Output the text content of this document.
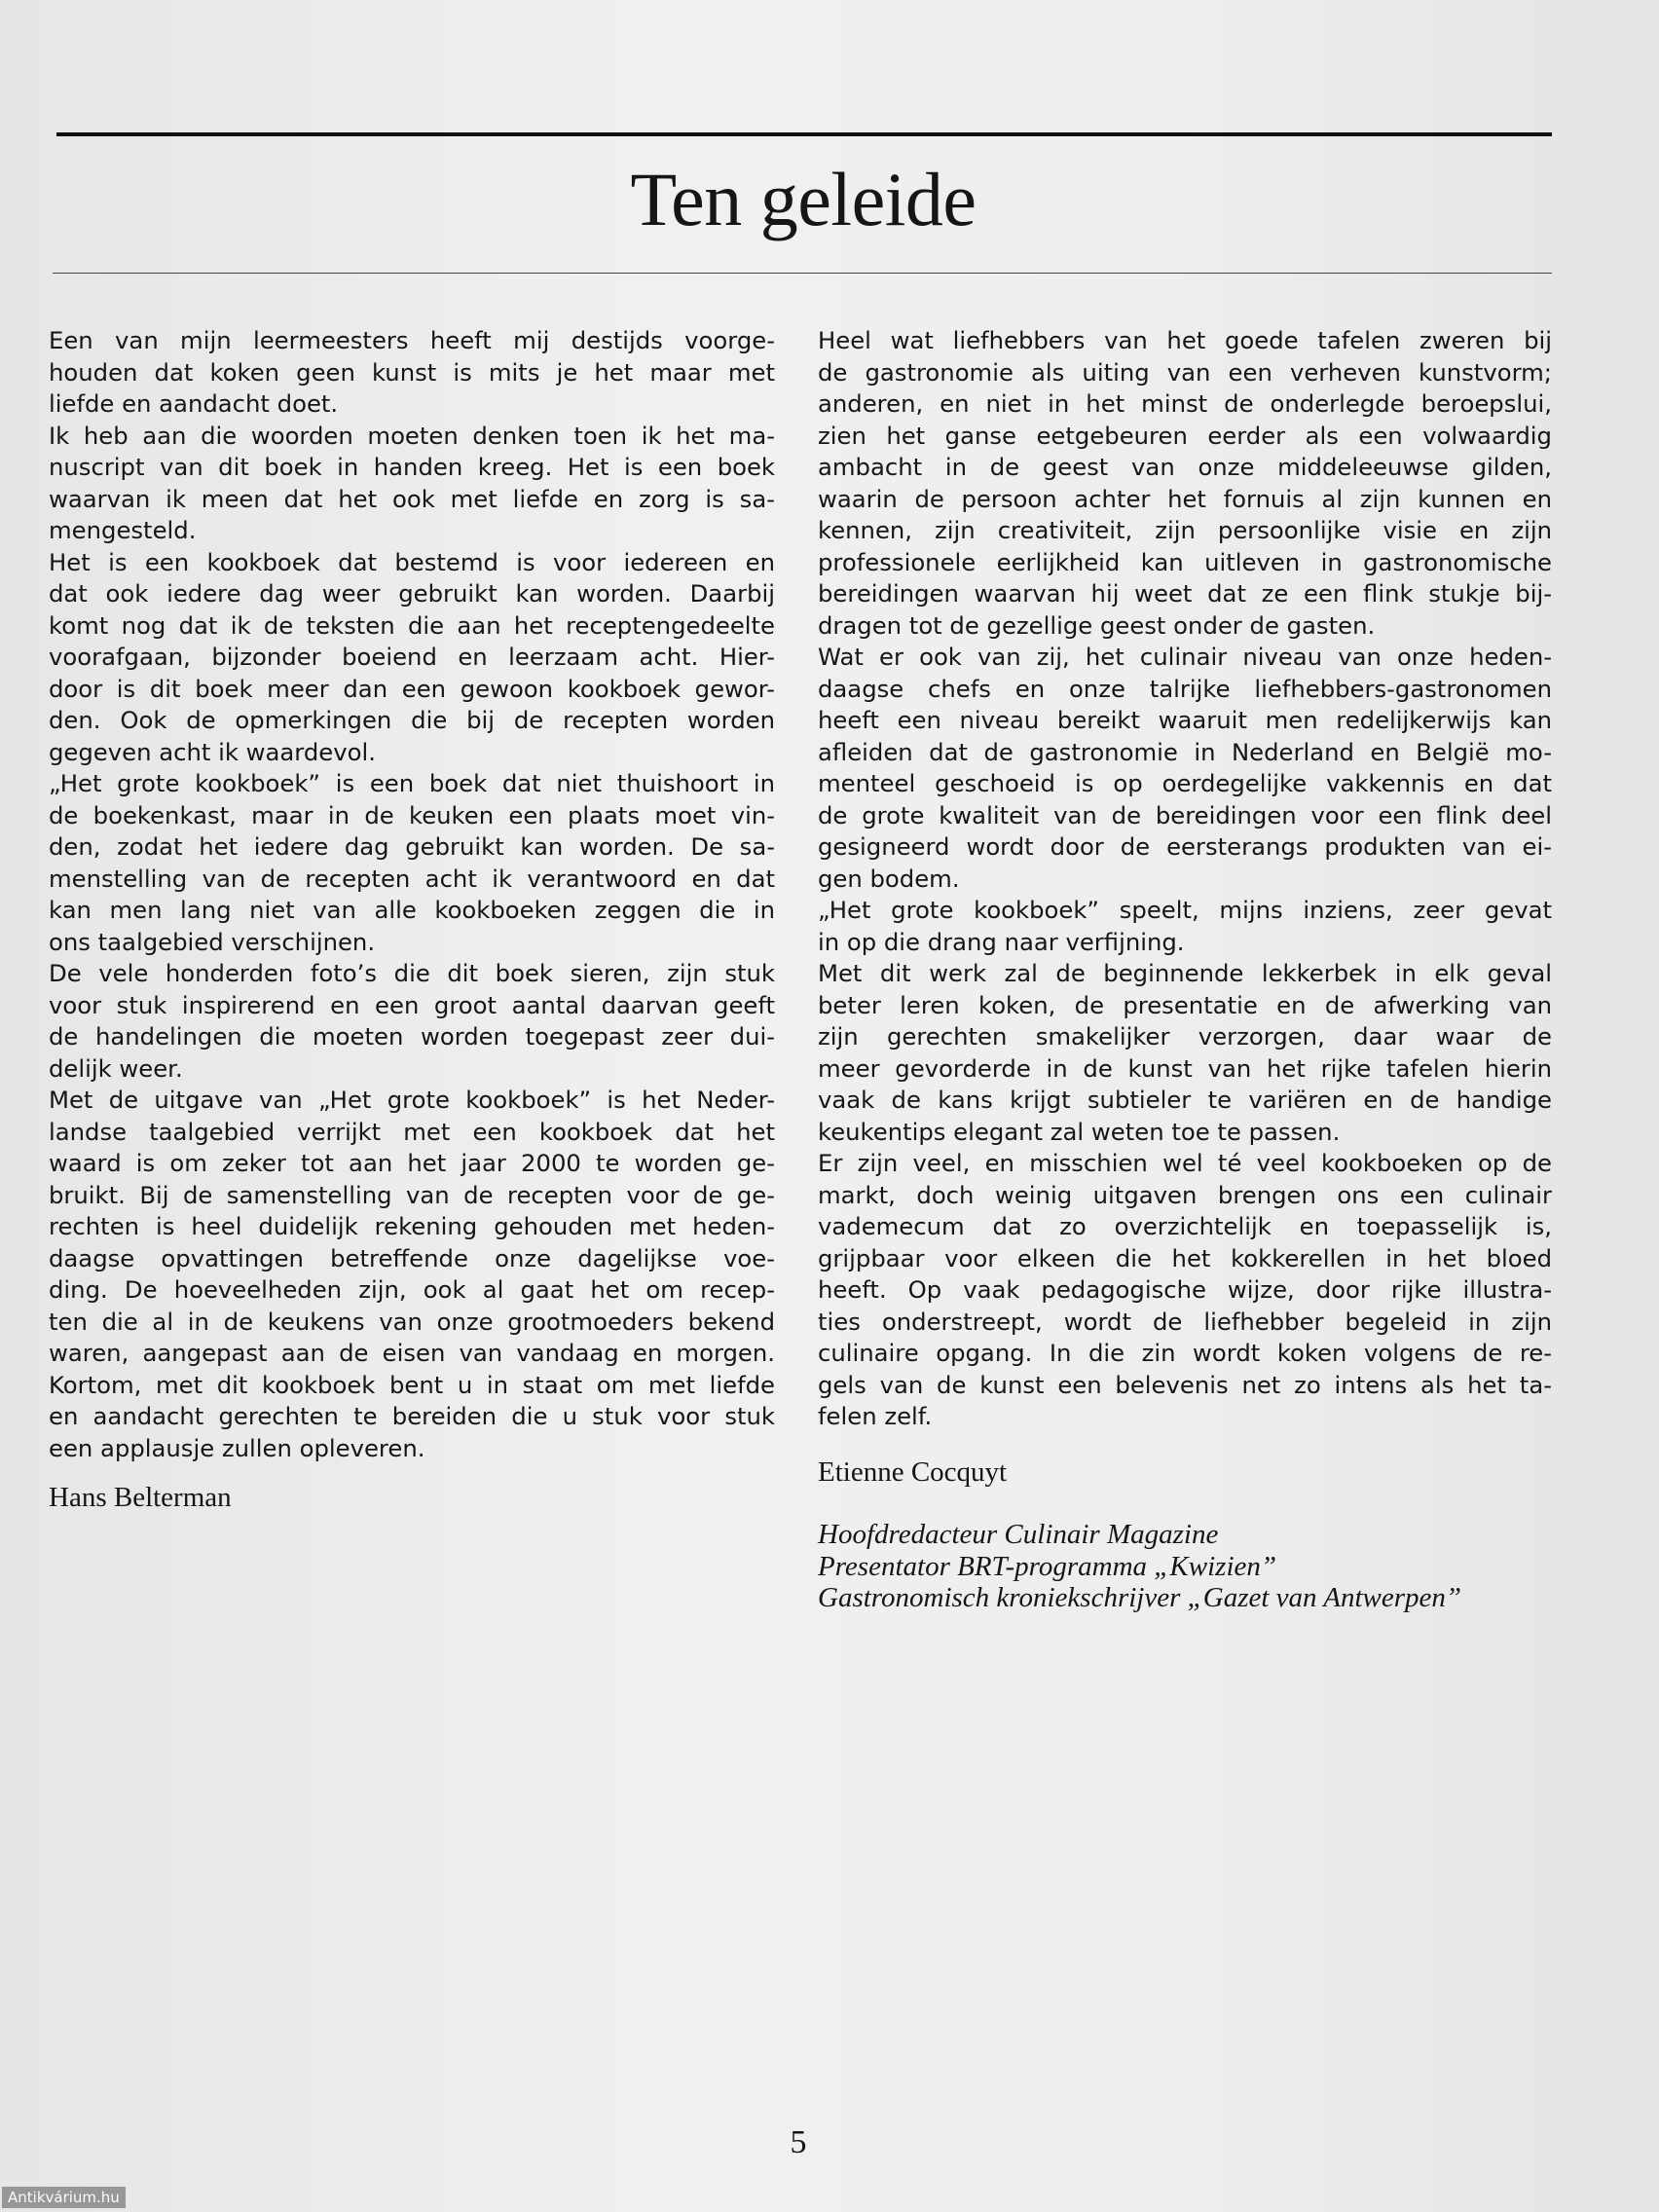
Ten geleide
Een van mijn leermeesters heeft mij destijds voorge-
houden dat koken geen kunst is mits je het maar met
liefde en aandacht doet.
Ik heb aan die woorden moeten denken toen ik het ma-
nuscript van dit boek in handen kreeg. Het is een boek
waarvan ik meen dat het ook met liefde en zorg is sa-
mengesteld.
Het is een kookboek dat bestemd is voor iedereen en
dat ook iedere dag weer gebruikt kan worden. Daarbij
komt nog dat ik de teksten die aan het receptengedeelte
voorafgaan, bijzonder boeiend en leerzaam acht. Hier-
door is dit boek meer dan een gewoon kookboek gewor-
den. Ook de opmerkingen die bij de recepten worden
gegeven acht ik waardevol.
„Het grote kookboek” is een boek dat niet thuishoort in
de boekenkast, maar in de keuken een plaats moet vin-
den, zodat het iedere dag gebruikt kan worden. De sa-
menstelling van de recepten acht ik verantwoord en dat
kan men lang niet van alle kookboeken zeggen die in
ons taalgebied verschijnen.
De vele honderden foto’s die dit boek sieren, zijn stuk
voor stuk inspirerend en een groot aantal daarvan geeft
de handelingen die moeten worden toegepast zeer dui-
delijk weer.
Met de uitgave van „Het grote kookboek” is het Neder-
landse taalgebied verrijkt met een kookboek dat het
waard is om zeker tot aan het jaar 2000 te worden ge-
bruikt. Bij de samenstelling van de recepten voor de ge-
rechten is heel duidelijk rekening gehouden met heden-
daagse opvattingen betreffende onze dagelijkse voe-
ding. De hoeveelheden zijn, ook al gaat het om recep-
ten die al in de keukens van onze grootmoeders bekend
waren, aangepast aan de eisen van vandaag en morgen.
Kortom, met dit kookboek bent u in staat om met liefde
en aandacht gerechten te bereiden die u stuk voor stuk
een applausje zullen opleveren.
Hans Belterman
Heel wat liefhebbers van het goede tafelen zweren bij
de gastronomie als uiting van een verheven kunstvorm;
anderen, en niet in het minst de onderlegde beroepslui,
zien het ganse eetgebeuren eerder als een volwaardig
ambacht in de geest van onze middeleeuwse gilden,
waarin de persoon achter het fornuis al zijn kunnen en
kennen, zijn creativiteit, zijn persoonlijke visie en zijn
professionele eerlijkheid kan uitleven in gastronomische
bereidingen waarvan hij weet dat ze een flink stukje bij-
dragen tot de gezellige geest onder de gasten.
Wat er ook van zij, het culinair niveau van onze heden-
daagse chefs en onze talrijke liefhebbers-gastronomen
heeft een niveau bereikt waaruit men redelijkerwijs kan
afleiden dat de gastronomie in Nederland en België mo-
menteel geschoeid is op oerdegelijke vakkennis en dat
de grote kwaliteit van de bereidingen voor een flink deel
gesigneerd wordt door de eersterangs produkten van ei-
gen bodem.
„Het grote kookboek” speelt, mijns inziens, zeer gevat
in op die drang naar verfijning.
Met dit werk zal de beginnende lekkerbek in elk geval
beter leren koken, de presentatie en de afwerking van
zijn gerechten smakelijker verzorgen, daar waar de
meer gevorderde in de kunst van het rijke tafelen hierin
vaak de kans krijgt subtieler te variëren en de handige
keukentips elegant zal weten toe te passen.
Er zijn veel, en misschien wel té veel kookboeken op de
markt, doch weinig uitgaven brengen ons een culinair
vademecum dat zo overzichtelijk en toepasselijk is,
grijpbaar voor elkeen die het kokkerellen in het bloed
heeft. Op vaak pedagogische wijze, door rijke illustra-
ties onderstreept, wordt de liefhebber begeleid in zijn
culinaire opgang. In die zin wordt koken volgens de re-
gels van de kunst een belevenis net zo intens als het ta-
felen zelf.
Etienne Cocquyt
Hoofdredacteur Culinair Magazine
Presentator BRT-programma „Kwizien”
Gastronomisch kroniekschrijver „Gazet van Antwerpen”
5
Antikvárium.hu
